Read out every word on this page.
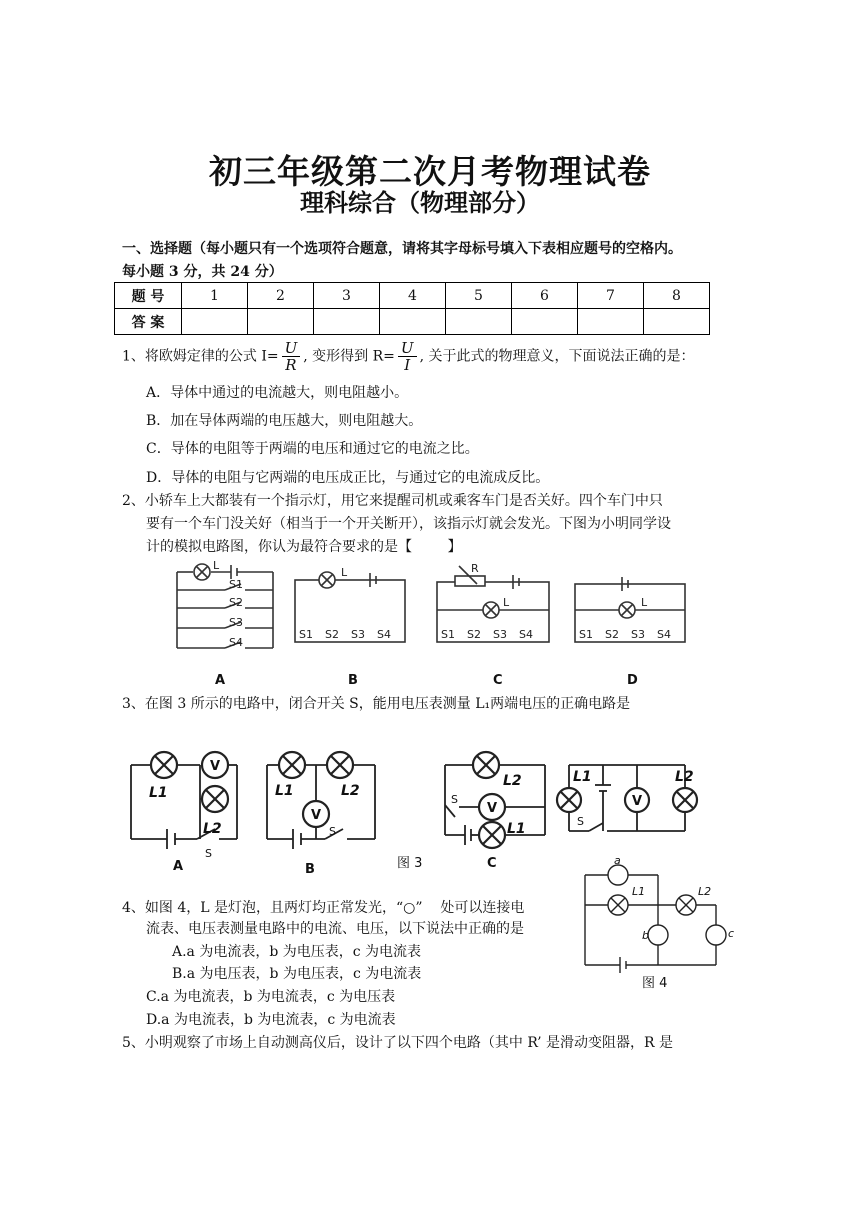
初三年级第二次月考物理试卷
理科综合（物理部分）
一、选择题（每小题只有一个选项符合题意，请将其字母标号填入下表相应题号的空格内。
每小题 3 分，共 24 分）
题 号	1	2	3	4	5	6	7	8
答 案								
1、将欧姆定律的公式 $I= \frac{U}{R}$ , 变形得到 $R= \frac{U}{I}$ , 关于此式的物理意义，下面说法正确的是：
A．导体中通过的电流越大，则电阻越小。
B．加在导体两端的电压越大，则电阻越大。
C．导体的电阻等于两端的电压和通过它的电流之比。
D．导体的电阻与它两端的电压成正比，与通过它的电流成反比。
2、小轿车上大都装有一个指示灯，用它来提醒司机或乘客车门是否关好。四个车门中只
要有一个车门没关好（相当于一个开关断开），该指示灯就会发光。下图为小明同学设
计的模拟电路图，你认为最符合要求的是【        】
L
S1
S2
S3
S4
L
S1 S2 S3 S4
R
L
S1 S2 S3 S4
L
S1 S2 S3 S4
A	B	C	D
3、在图 3 所示的电路中，闭合开关 S，能用电压表测量 L₁两端电压的正确电路是
V
V	V	V
L1
L2
L1	L2
L2
L1
L1	L2
S
S
S
S
A	B	C
图 3
4、如图 4，L 是灯泡，且两灯均正常发光，“○”    处可以连接电
流表、电压表测量电路中的电流、电压，以下说法中正确的是
A.a 为电流表，b 为电压表，c 为电流表
B.a 为电压表，b 为电压表，c 为电流表
C.a 为电流表，b 为电流表，c 为电压表
D.a 为电流表，b 为电流表，c 为电流表
a
b	c
L1	L2
图 4
5、小明观察了市场上自动测高仪后，设计了以下四个电路（其中 R’ 是滑动变阻器，R 是
